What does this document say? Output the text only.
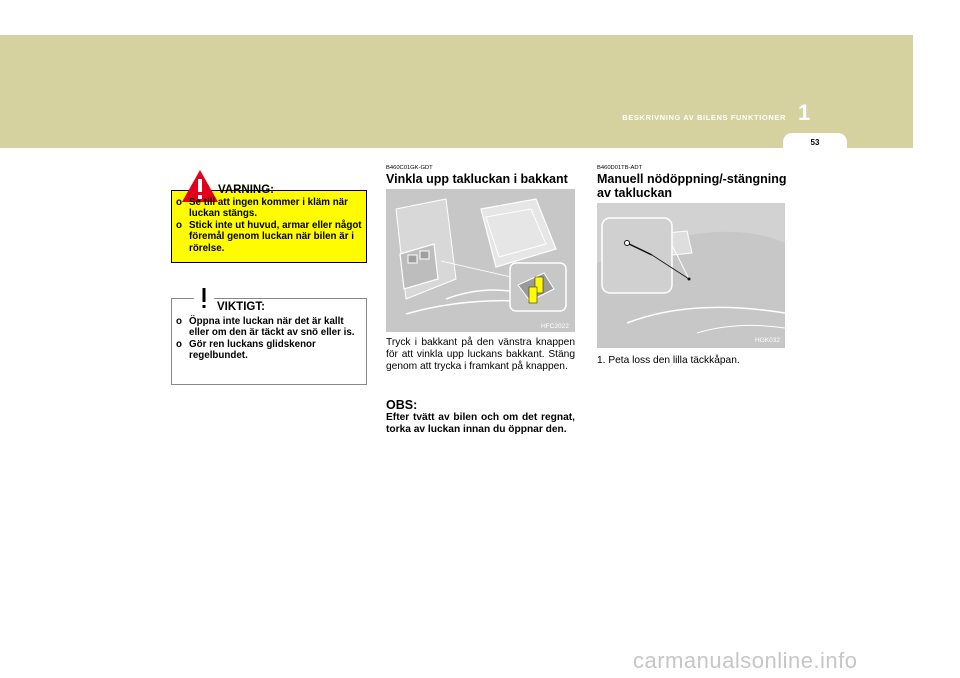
BESKRIVNING AV BILENS FUNKTIONER 1
53
VARNING:
o Se till att ingen kommer i kläm när luckan stängs.
o Stick inte ut huvud, armar eller något föremål genom luckan när bilen är i rörelse.
VIKTIGT:
o Öppna inte luckan när det är kallt eller om den är täckt av snö eller is.
o Gör ren luckans glidskenor regelbundet.
B460C01GK-GDT
Vinkla upp takluckan i bakkant
HFC2022
Tryck i bakkant på den vänstra knappen för att vinkla upp luckans bakkant. Stäng genom att trycka i framkant på knappen.
OBS:
Efter tvätt av bilen och om det regnat, torka av luckan innan du öppnar den.
B460D01TB-ADT
Manuell nödöppning/-stängning av takluckan
HGK032
1. Peta loss den lilla täckkåpan.
carmanualsonline.info
